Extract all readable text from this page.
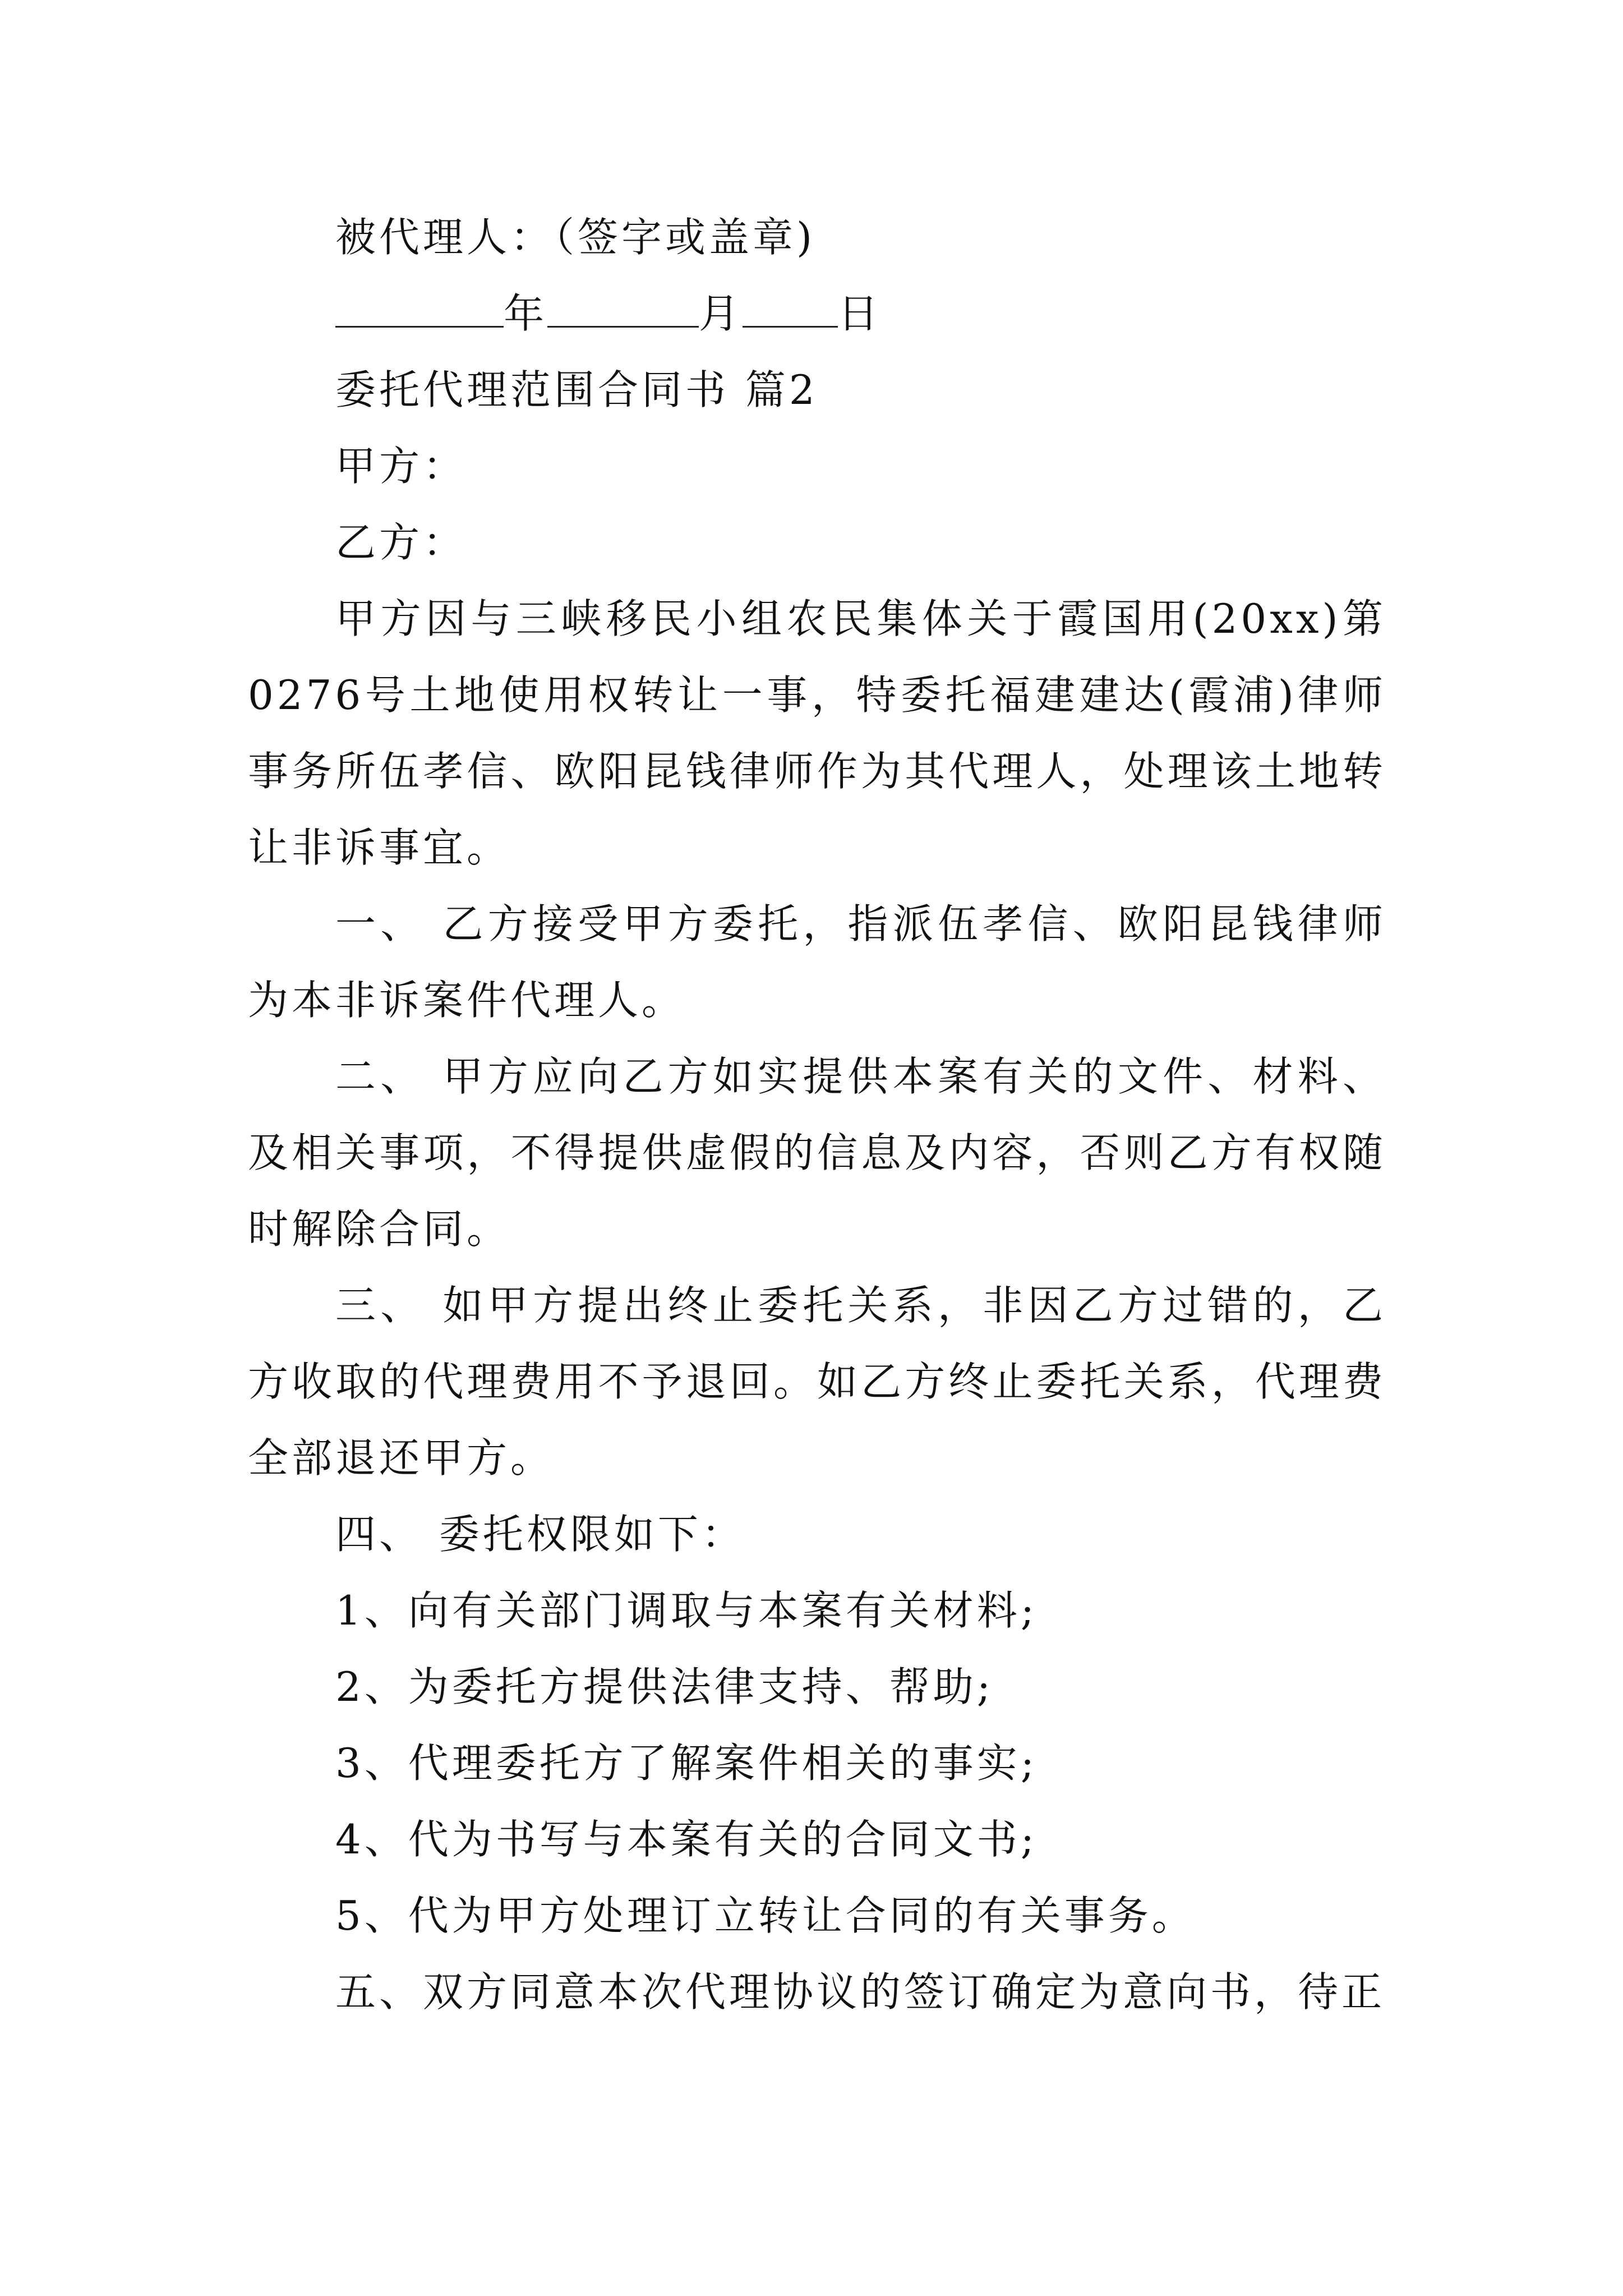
被代理人：（签字或盖章)
年	月 日
委托代理范围合同书 篇2
甲方：
乙方：
甲方因与三峡移民小组农民集体关于霞国用(20xx)第0276号土地使用权转让一事，特委托福建建达(霞浦)律师事务所伍孝信、欧阳昆钱律师作为其代理人，处理该土地转让非诉事宜。
一、 乙方接受甲方委托，指派伍孝信、欧阳昆钱律师为本非诉案件代理人。
二、 甲方应向乙方如实提供本案有关的文件、材料、及相关事项，不得提供虚假的信息及内容，否则乙方有权随时解除合同。
三、 如甲方提出终止委托关系，非因乙方过错的，乙方收取的代理费用不予退回。如乙方终止委托关系，代理费全部退还甲方。
四、 委托权限如下：
1、向有关部门调取与本案有关材料;
2、为委托方提供法律支持、帮助;
3、代理委托方了解案件相关的事实;
4、代为书写与本案有关的合同文书;
5、代为甲方处理订立转让合同的有关事务。
五、双方同意本次代理协议的签订确定为意向书，待正
